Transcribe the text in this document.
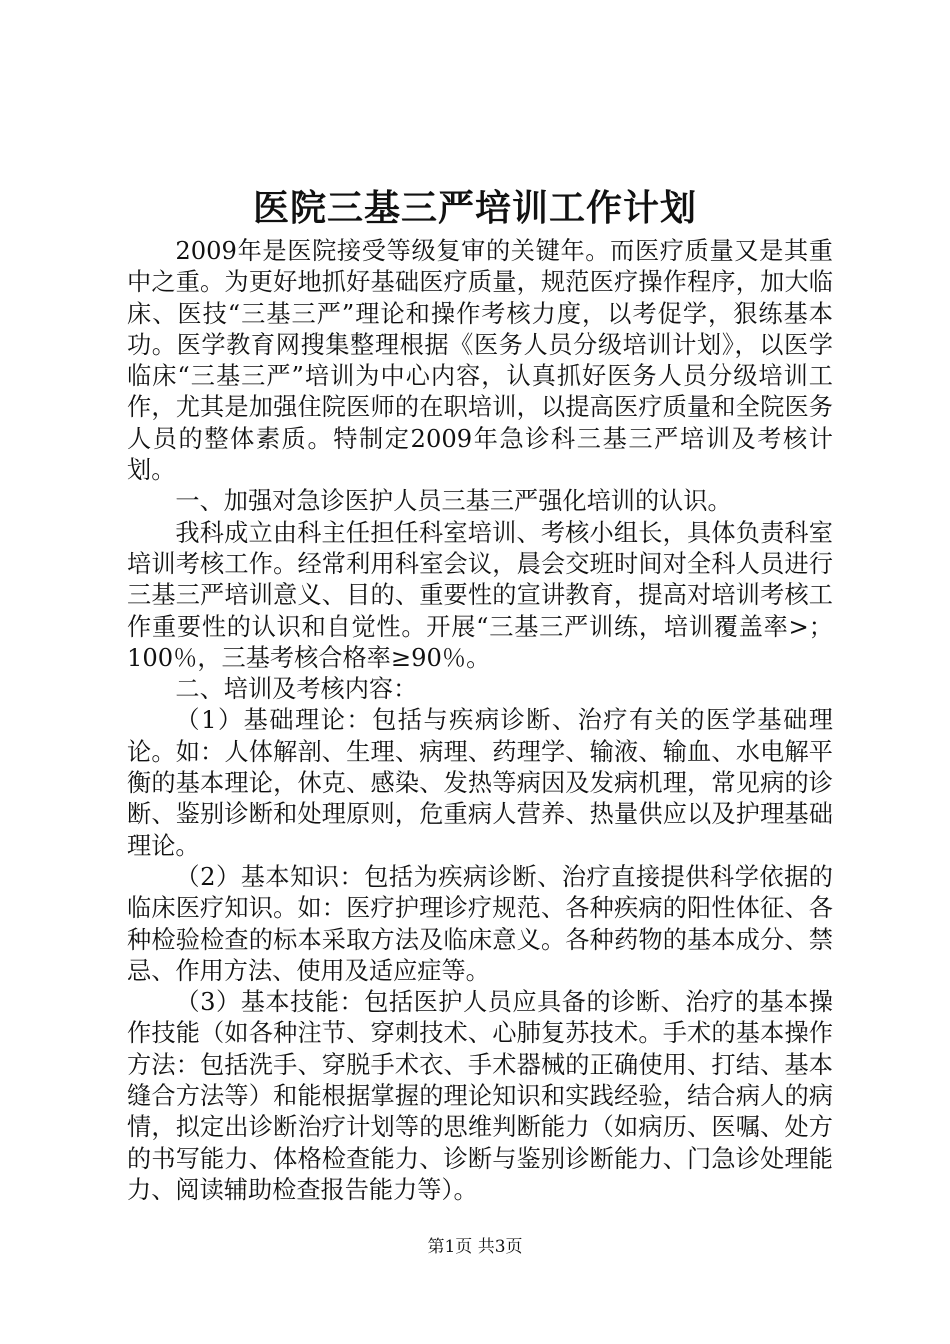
医院三基三严培训工作计划

2009年是医院接受等级复审的关键年。而医疗质量又是其重中之重。为更好地抓好基础医疗质量，规范医疗操作程序，加大临床、医技“三基三严”理论和操作考核力度，以考促学，狠练基本功。医学教育网搜集整理根据《医务人员分级培训计划》，以医学临床“三基三严”培训为中心内容，认真抓好医务人员分级培训工作，尤其是加强住院医师的在职培训，以提高医疗质量和全院医务人员的整体素质。特制定2009年急诊科三基三严培训及考核计划。

一、加强对急诊医护人员三基三严强化培训的认识。

我科成立由科主任担任科室培训、考核小组长，具体负责科室培训考核工作。经常利用科室会议，晨会交班时间对全科人员进行三基三严培训意义、目的、重要性的宣讲教育，提高对培训考核工作重要性的认识和自觉性。开展“三基三严训练，培训覆盖率>；100％，三基考核合格率≥90％。

二、培训及考核内容：

（1）基础理论：包括与疾病诊断、治疗有关的医学基础理论。如：人体解剖、生理、病理、药理学、输液、输血、水电解平衡的基本理论，休克、感染、发热等病因及发病机理，常见病的诊断、鉴别诊断和处理原则，危重病人营养、热量供应以及护理基础理论。

（2）基本知识：包括为疾病诊断、治疗直接提供科学依据的临床医疗知识。如：医疗护理诊疗规范、各种疾病的阳性体征、各种检验检查的标本采取方法及临床意义。各种药物的基本成分、禁忌、作用方法、使用及适应症等。

（3）基本技能：包括医护人员应具备的诊断、治疗的基本操作技能（如各种注节、穿刺技术、心肺复苏技术。手术的基本操作方法：包括洗手、穿脱手术衣、手术器械的正确使用、打结、基本缝合方法等）和能根据掌握的理论知识和实践经验，结合病人的病情，拟定出诊断治疗计划等的思维判断能力（如病历、医嘱、处方的书写能力、体格检查能力、诊断与鉴别诊断能力、门急诊处理能力、阅读辅助检查报告能力等）。

第1页 共3页
